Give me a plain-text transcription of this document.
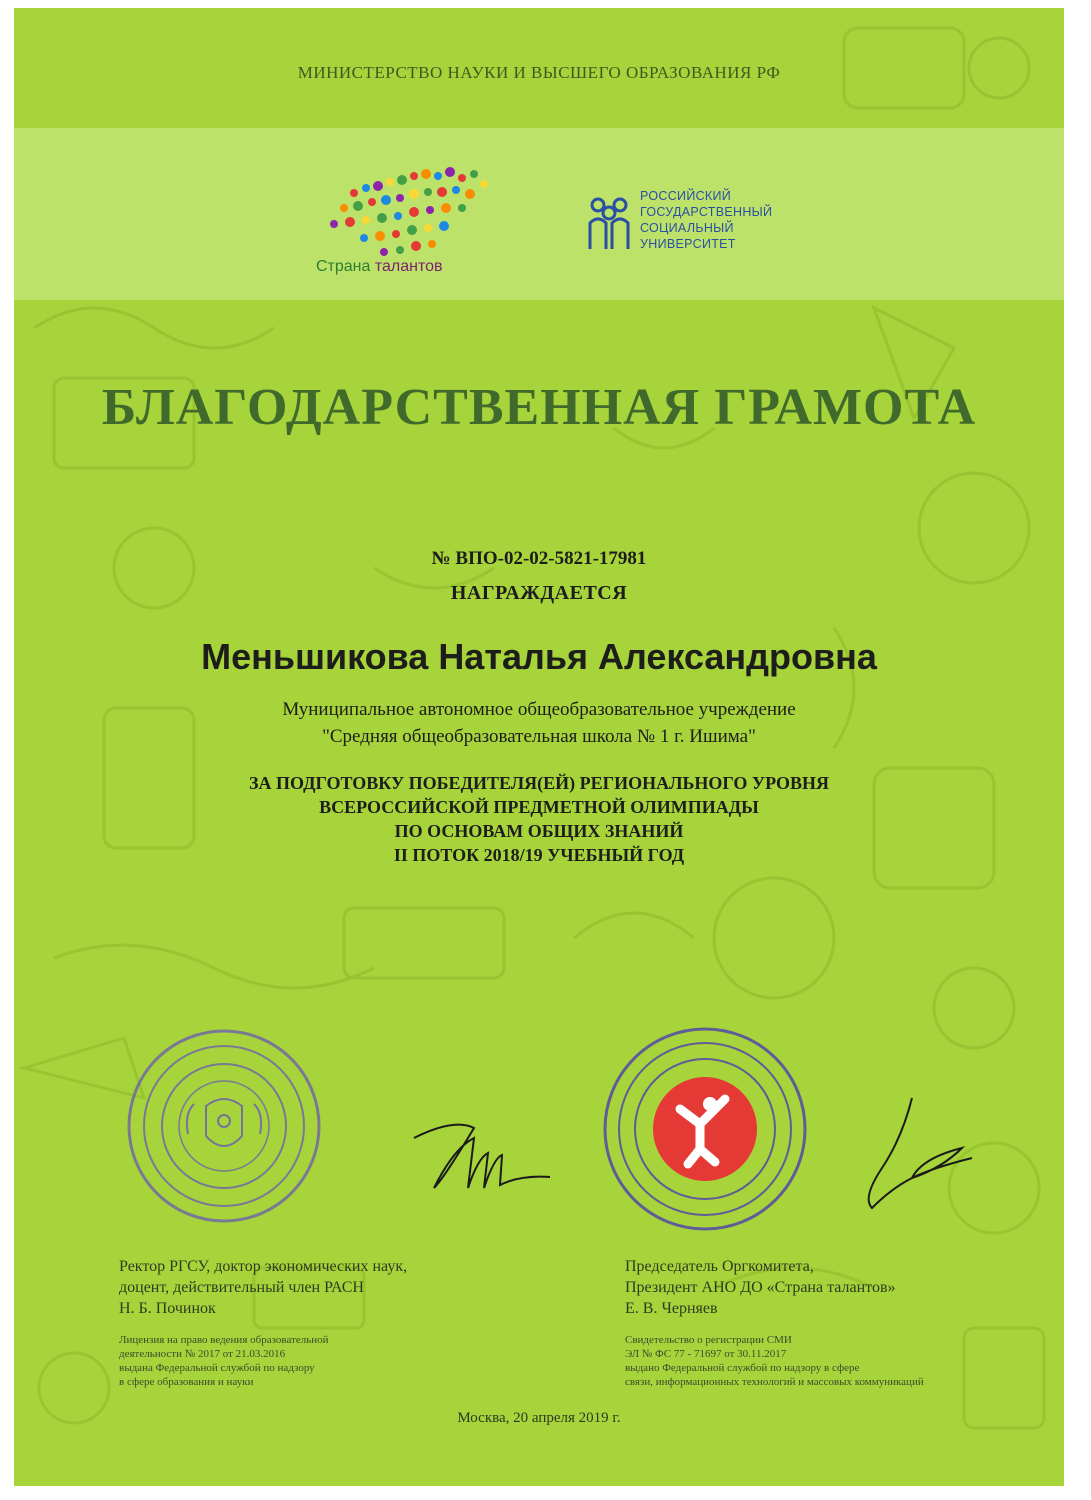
МИНИСТЕРСТВО НАУКИ И ВЫСШЕГО ОБРАЗОВАНИЯ РФ
Страна талантов
РОССИЙСКИЙ
ГОСУДАРСТВЕННЫЙ
СОЦИАЛЬНЫЙ
УНИВЕРСИТЕТ
БЛАГОДАРСТВЕННАЯ ГРАМОТА
№ ВПО-02-02-5821-17981
НАГРАЖДАЕТСЯ
Меньшикова Наталья Александровна
Муниципальное автономное общеобразовательное учреждение
"Средняя общеобразовательная школа № 1 г. Ишима"
ЗА ПОДГОТОВКУ ПОБЕДИТЕЛЯ(ЕЙ) РЕГИОНАЛЬНОГО УРОВНЯ
ВСЕРОССИЙСКОЙ ПРЕДМЕТНОЙ ОЛИМПИАДЫ
ПО ОСНОВАМ ОБЩИХ ЗНАНИЙ
II ПОТОК 2018/19 УЧЕБНЫЙ ГОД
Ректор РГСУ, доктор экономических наук,
доцент, действительный член РАСН
Н. Б. Починок
Председатель Оргкомитета,
Президент АНО ДО «Страна талантов»
Е. В. Черняев
Лицензия на право ведения образовательной
деятельности № 2017 от 21.03.2016
выдана Федеральной службой по надзору
в сфере образования и науки
Свидетельство о регистрации СМИ
ЭЛ № ФС 77 - 71697 от 30.11.2017
выдано Федеральной службой по надзору в сфере
связи, информационных технологий и массовых коммуникаций
Москва, 20 апреля 2019 г.
